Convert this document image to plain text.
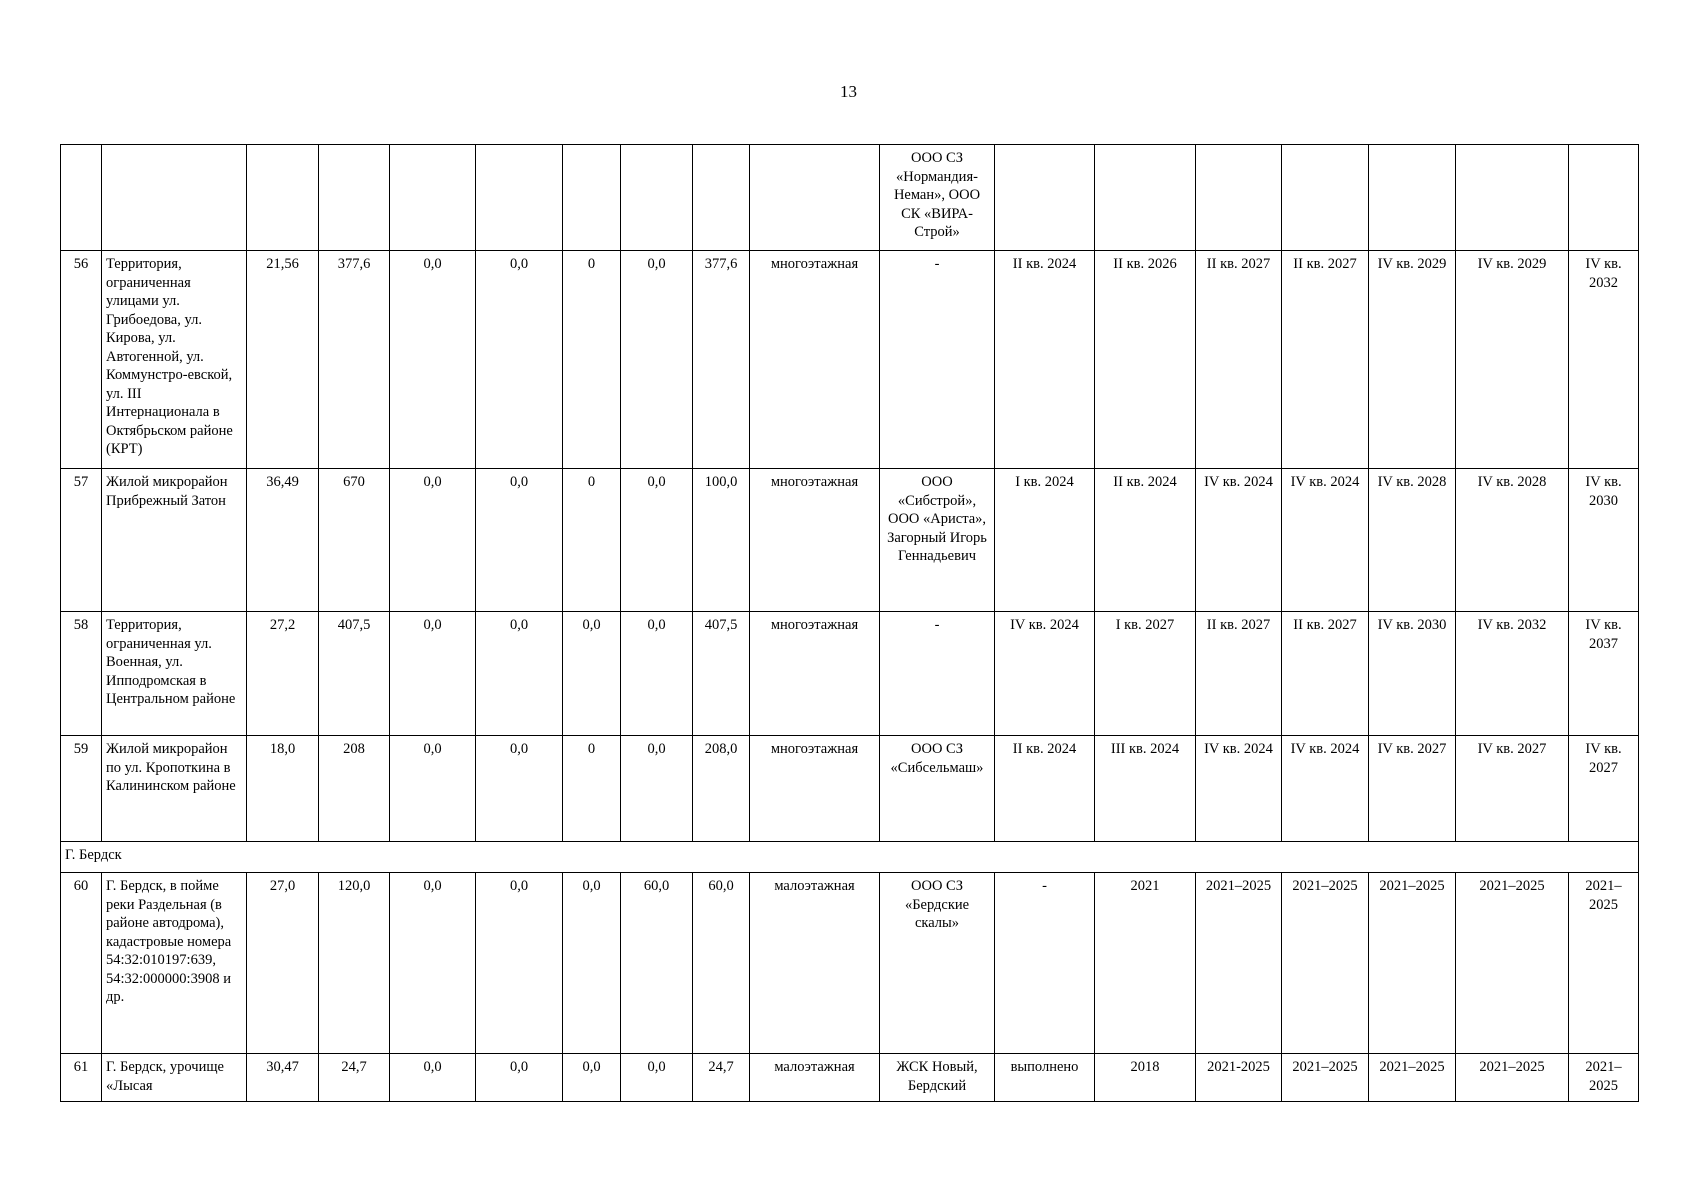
13
										ООО СЗ «Нормандия-Неман», ООО СК «ВИРА-Строй»							
56	Территория, ограниченная улицами ул. Грибоедова, ул. Кирова, ул. Автогенной, ул. Коммунстро-евской, ул. III Интернационала в Октябрьском районе (КРТ)	21,56	377,6	0,0	0,0	0	0,0	377,6	многоэтажная	-	II кв. 2024	II кв. 2026	II кв. 2027	II кв. 2027	IV кв. 2029	IV кв. 2029	IV кв. 2032
57	Жилой микрорайон Прибрежный Затон	36,49	670	0,0	0,0	0	0,0	100,0	многоэтажная	ООО «Сибстрой», ООО «Ариста», Загорный Игорь Геннадьевич	I кв. 2024	II кв. 2024	IV кв. 2024	IV кв. 2024	IV кв. 2028	IV кв. 2028	IV кв. 2030
58	Территория, ограниченная ул. Военная, ул. Ипподромская в Центральном районе	27,2	407,5	0,0	0,0	0,0	0,0	407,5	многоэтажная	-	IV кв. 2024	I кв. 2027	II кв. 2027	II кв. 2027	IV кв. 2030	IV кв. 2032	IV кв. 2037
59	Жилой микрорайон по ул. Кропоткина в Калининском районе	18,0	208	0,0	0,0	0	0,0	208,0	многоэтажная	ООО СЗ «Сибсельмаш»	II кв. 2024	III кв. 2024	IV кв. 2024	IV кв. 2024	IV кв. 2027	IV кв. 2027	IV кв. 2027
Г. Бердск																	
60	Г. Бердск, в пойме реки Раздельная (в районе автодрома), кадастровые номера 54:32:010197:639, 54:32:000000:3908 и др.	27,0	120,0	0,0	0,0	0,0	60,0	60,0	малоэтажная	ООО СЗ «Бердские скалы»	-	2021	2021–2025	2021–2025	2021–2025	2021–2025	2021–2025
61	Г. Бердск, урочище «Лысая	30,47	24,7	0,0	0,0	0,0	0,0	24,7	малоэтажная	ЖСК Новый, Бердский	выполнено	2018	2021-2025	2021–2025	2021–2025	2021–2025	2021–2025
